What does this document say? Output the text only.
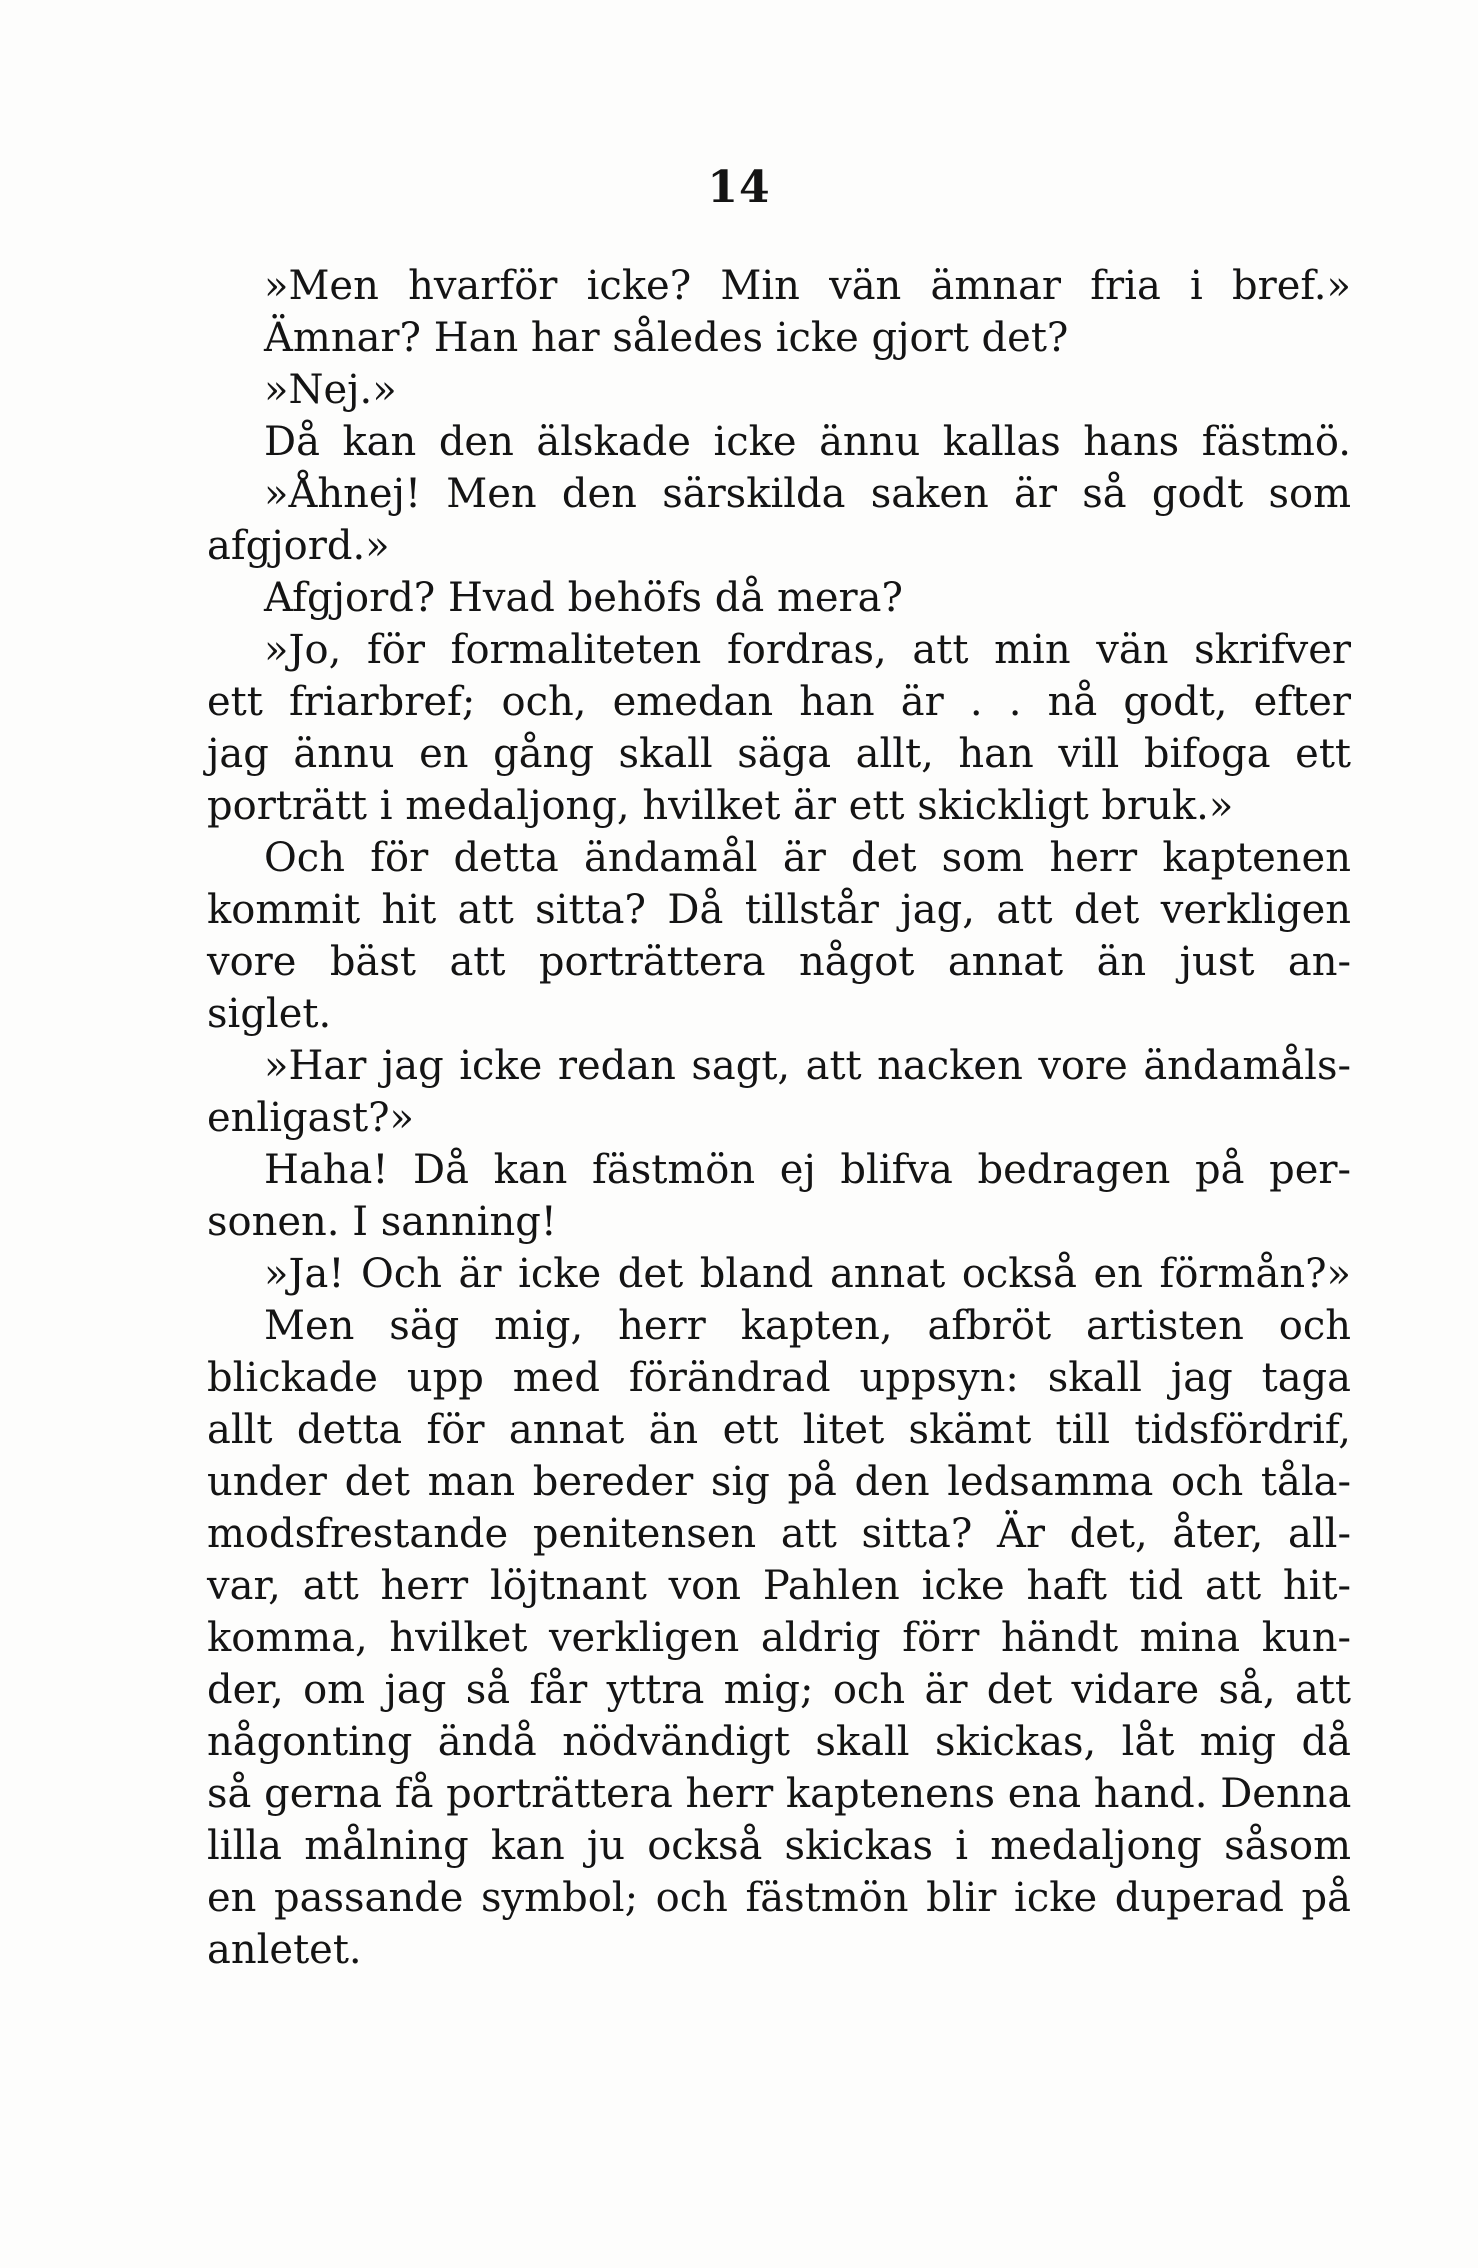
14
»Men hvarför icke? Min vän ämnar fria i bref.»
Ämnar? Han har således icke gjort det?
»Nej.»
Då kan den älskade icke ännu kallas hans fästmö.
»Åhnej! Men den särskilda saken är så godt som
afgjord.»
Afgjord? Hvad behöfs då mera?
»Jo, för formaliteten fordras, att min vän skrifver
ett friarbref; och, emedan han är . . nå godt, efter
jag ännu en gång skall säga allt, han vill bifoga ett
porträtt i medaljong, hvilket är ett skickligt bruk.»
Och för detta ändamål är det som herr kaptenen
kommit hit att sitta? Då tillstår jag, att det verkligen
vore bäst att porträttera något annat än just an-
siglet.
»Har jag icke redan sagt, att nacken vore ändamåls-
enligast?»
Haha! Då kan fästmön ej blifva bedragen på per-
sonen. I sanning!
»Ja! Och är icke det bland annat också en förmån?»
Men säg mig, herr kapten, afbröt artisten och
blickade upp med förändrad uppsyn: skall jag taga
allt detta för annat än ett litet skämt till tidsfördrif,
under det man bereder sig på den ledsamma och tåla-
modsfrestande penitensen att sitta? Är det, åter, all-
var, att herr löjtnant von Pahlen icke haft tid att hit-
komma, hvilket verkligen aldrig förr händt mina kun-
der, om jag så får yttra mig; och är det vidare så, att
någonting ändå nödvändigt skall skickas, låt mig då
så gerna få porträttera herr kaptenens ena hand. Denna
lilla målning kan ju också skickas i medaljong såsom
en passande symbol; och fästmön blir icke duperad på
anletet.
